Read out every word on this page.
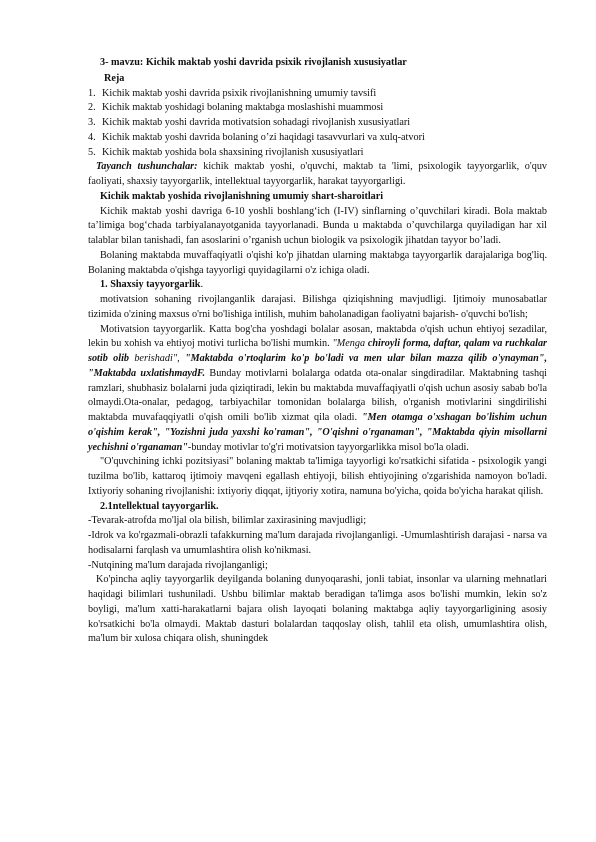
3- mavzu: Kichik maktab yoshi davrida psixik rivojlanish xususiyatlar

Reja

1. Kichik maktab yoshi davrida psixik rivojlanishning umumiy tavsifi
2. Kichik maktab yoshidagi bolaning maktabga moslashishi muammosi
3. Kichik maktab yoshi davrida motivatsion sohadagi rivojlanish xususiyatlari
4. Kichik maktab yoshi davrida bolaning o’zi haqidagi tasavvurlari va xulq-atvori
5. Kichik maktab yoshida bola shaxsining rivojlanish xususiyatlari

Tayanch tushunchalar: kichik maktab yoshi, o'quvchi, maktab ta 'limi, psixologik tayyorgarlik, o'quv faoliyati, shaxsiy tayyorgarlik, intellektual tayyorgarlik, harakat tayyorgarligi.

Kichik maktab yoshida rivojlanishning umumiy shart-sharoitlari

Kichik maktab yoshi davriga 6-10 yoshli boshlang‘ich (I-IV) sinflarning o’quvchilari kiradi. Bola maktab ta’limiga bog‘chada tarbiyalanayotganida tayyorlanadi. Bunda u maktabda o’quvchilarga quyiladigan har xil talablar bilan tanishadi, fan asoslarini o’rganish uchun biologik va psixologik jihatdan tayyor bo’ladi.

Bolaning maktabda muvaffaqiyatli o'qishi ko'p jihatdan ularning maktabga tayyorgarlik darajalariga bog'liq. Bolaning maktabda o'qishga tayyorligi quyidagilarni o'z ichiga oladi.

1. Shaxsiy tayyorgarlik.

motivatsion sohaning rivojlanganlik darajasi. Bilishga qiziqishning mavjudligi. Ijtimoiy munosabatlar tizimida o'zining maxsus o'rni bo'lishiga intilish, muhim baholanadigan faoliyatni bajarish- o'quvchi bo'lish;

Motivatsion tayyorgarlik. Katta bog'cha yoshdagi bolalar asosan, maktabda o'qish uchun ehtiyoj sezadilar, lekin bu xohish va ehtiyoj motivi turlicha bo'lishi mumkin. "Menga chiroyli forma, daftar, qalam va ruchkalar sotib olib berishadi", "Maktabda o'rtoqlarim ko'p bo'ladi va men ular bilan mazza qilib o'ynayman", "Maktabda uxlatishmaydF. Bunday motivlarni bolalarga odatda ota-onalar singdiradilar. Maktabning tashqi ramzlari, shubhasiz bolalarni juda qiziqtiradi, lekin bu maktabda muvaffaqiyatli o'qish uchun asosiy sabab bo'la olmaydi.Ota-onalar, pedagog, tarbiyachilar tomonidan bolalarga bilish, o'rganish motivlarini singdirilishi maktabda muvafaqqiyatli o'qish omili bo'lib xizmat qila oladi. "Men otamga o'xshagan bo'lishim uchun o'qishim kerak", "Yozishni juda yaxshi ko'raman", "O'qishni o'rganaman", "Maktabda qiyin misollarni yechishni o'rganaman"-bunday motivlar to'g'ri motivatsion tayyorgarlikka misol bo'la oladi.

"O'quvchining ichki pozitsiyasi" bolaning maktab ta'limiga tayyorligi ko'rsatkichi sifatida - psixologik yangi tuzilma bo'lib, kattaroq ijtimoiy mavqeni egallash ehtiyoji, bilish ehtiyojining o'zgarishida namoyon bo'ladi. Ixtiyoriy sohaning rivojlanishi: ixtiyoriy diqqat, ijtiyoriy xotira, namuna bo'yicha, qoida bo'yicha harakat qilish.

2.1ntellektual tayyorgarlik.

-Tevarak-atrofda mo'ljal ola bilish, bilimlar zaxirasining mavjudligi;

-Idrok va ko'rgazmali-obrazli tafakkurning ma'lum darajada rivojlanganligi. -Umumlashtirish darajasi - narsa va hodisalarni farqlash va umumlashtira olish ko'nikmasi.

-Nutqining ma'lum darajada rivojlanganligi;

Ko'pincha aqliy tayyorgarlik deyilganda bolaning dunyoqarashi, jonli tabiat, insonlar va ularning mehnatlari haqidagi bilimlari tushuniladi. Ushbu bilimlar maktab beradigan ta'limga asos bo'lishi mumkin, lekin so'z boyligi, ma'lum xatti-harakatlarni bajara olish layoqati bolaning maktabga aqliy tayyorgarligining asosiy ko'rsatkichi bo'la olmaydi. Maktab dasturi bolalardan taqqoslay olish, tahlil eta olish, umumlashtira olish, ma'lum bir xulosa chiqara olish, shuningdek
